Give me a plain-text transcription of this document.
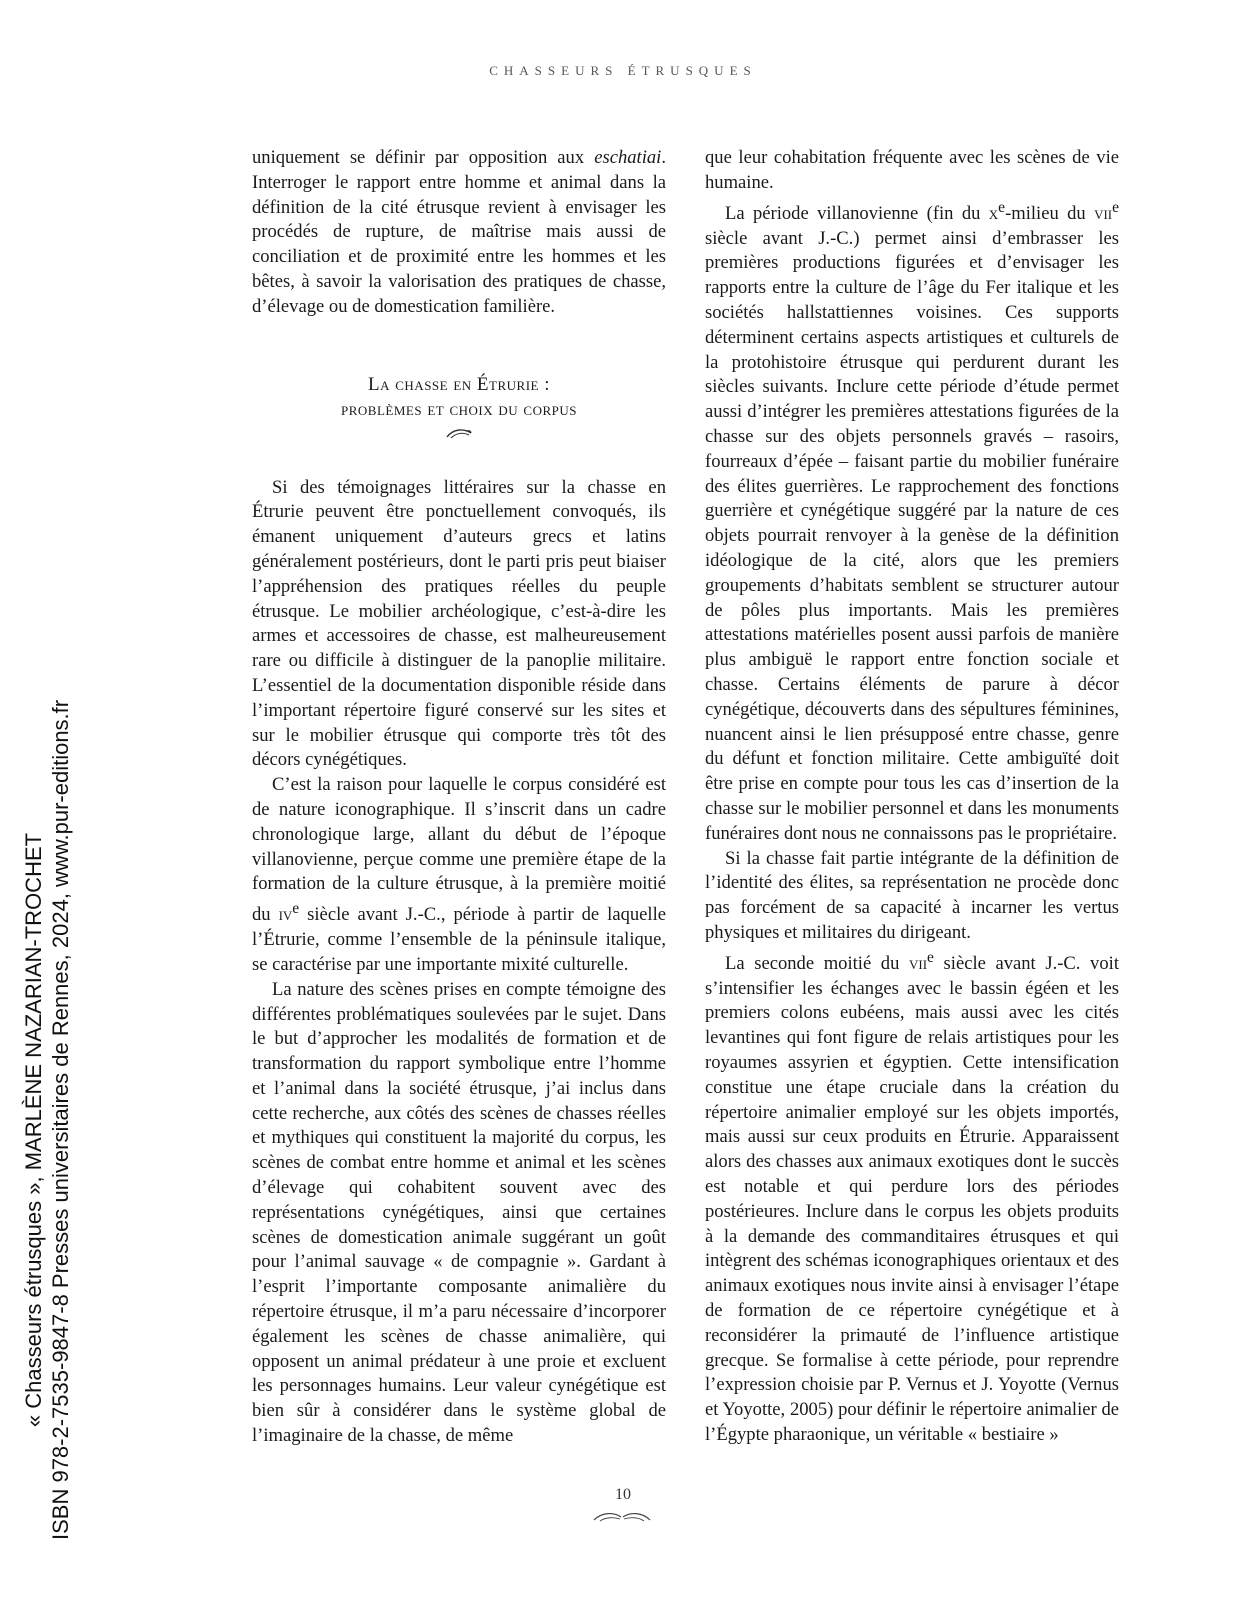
CHASSEURS ÉTRUSQUES

uniquement se définir par opposition aux eschatiai. Interroger le rapport entre homme et animal dans la définition de la cité étrusque revient à envisager les procédés de rupture, de maîtrise mais aussi de conciliation et de proximité entre les hommes et les bêtes, à savoir la valorisation des pratiques de chasse, d’élevage ou de domestication familière.

La chasse en Étrurie :
problèmes et choix du corpus

Si des témoignages littéraires sur la chasse en Étrurie peuvent être ponctuellement convoqués, ils émanent uniquement d’auteurs grecs et latins généralement postérieurs, dont le parti pris peut biaiser l’appréhension des pratiques réelles du peuple étrusque. Le mobilier archéologique, c’est-à-dire les armes et accessoires de chasse, est malheureusement rare ou difficile à distinguer de la panoplie militaire. L’essentiel de la documentation disponible réside dans l’important répertoire figuré conservé sur les sites et sur le mobilier étrusque qui comporte très tôt des décors cynégétiques.

C’est la raison pour laquelle le corpus considéré est de nature iconographique. Il s’inscrit dans un cadre chronologique large, allant du début de l’époque villanovienne, perçue comme une première étape de la formation de la culture étrusque, à la première moitié du $iv^e$ siècle avant J.-C., période à partir de laquelle l’Étrurie, comme l’ensemble de la péninsule italique, se caractérise par une importante mixité culturelle.

La nature des scènes prises en compte témoigne des différentes problématiques soulevées par le sujet. Dans le but d’approcher les modalités de formation et de transformation du rapport symbolique entre l’homme et l’animal dans la société étrusque, j’ai inclus dans cette recherche, aux côtés des scènes de chasses réelles et mythiques qui constituent la majorité du corpus, les scènes de combat entre homme et animal et les scènes d’élevage qui cohabitent souvent avec des représentations cynégétiques, ainsi que certaines scènes de domestication animale suggérant un goût pour l’animal sauvage « de compagnie ». Gardant à l’esprit l’importante composante animalière du répertoire étrusque, il m’a paru nécessaire d’incorporer également les scènes de chasse animalière, qui opposent un animal prédateur à une proie et excluent les personnages humains. Leur valeur cynégétique est bien sûr à considérer dans le système global de l’imaginaire de la chasse, de même

que leur cohabitation fréquente avec les scènes de vie humaine.

La période villanovienne (fin du $x^e$-milieu du vii$^e$ siècle avant J.-C.) permet ainsi d’embrasser les premières productions figurées et d’envisager les rapports entre la culture de l’âge du Fer italique et les sociétés hallstattiennes voisines. Ces supports déterminent certains aspects artistiques et culturels de la protohistoire étrusque qui perdurent durant les siècles suivants. Inclure cette période d’étude permet aussi d’intégrer les premières attestations figurées de la chasse sur des objets personnels gravés – rasoirs, fourreaux d’épée – faisant partie du mobilier funéraire des élites guerrières. Le rapprochement des fonctions guerrière et cynégétique suggéré par la nature de ces objets pourrait renvoyer à la genèse de la définition idéologique de la cité, alors que les premiers groupements d’habitats semblent se structurer autour de pôles plus importants. Mais les premières attestations matérielles posent aussi parfois de manière plus ambiguë le rapport entre fonction sociale et chasse. Certains éléments de parure à décor cynégétique, découverts dans des sépultures féminines, nuancent ainsi le lien présupposé entre chasse, genre du défunt et fonction militaire. Cette ambiguïté doit être prise en compte pour tous les cas d’insertion de la chasse sur le mobilier personnel et dans les monuments funéraires dont nous ne connaissons pas le propriétaire.

Si la chasse fait partie intégrante de la définition de l’identité des élites, sa représentation ne procède donc pas forcément de sa capacité à incarner les vertus physiques et militaires du dirigeant.

La seconde moitié du vii$^e$ siècle avant J.-C. voit s’intensifier les échanges avec le bassin égéen et les premiers colons eubéens, mais aussi avec les cités levantines qui font figure de relais artistiques pour les royaumes assyrien et égyptien. Cette intensification constitue une étape cruciale dans la création du répertoire animalier employé sur les objets importés, mais aussi sur ceux produits en Étrurie. Apparaissent alors des chasses aux animaux exotiques dont le succès est notable et qui perdure lors des périodes postérieures. Inclure dans le corpus les objets produits à la demande des commanditaires étrusques et qui intègrent des schémas iconographiques orientaux et des animaux exotiques nous invite ainsi à envisager l’étape de formation de ce répertoire cynégétique et à reconsidérer la primauté de l’influence artistique grecque. Se formalise à cette période, pour reprendre l’expression choisie par P. Vernus et J. Yoyotte (Vernus et Yoyotte, 2005) pour définir le répertoire animalier de l’Égypte pharaonique, un véritable « bestiaire »

10
« Chasseurs étrusques », MARLÈNE NAZARIAN-TROCHET ISBN 978-2-7535-9847-8 Presses universitaires de Rennes, 2024, www.pur-editions.fr
